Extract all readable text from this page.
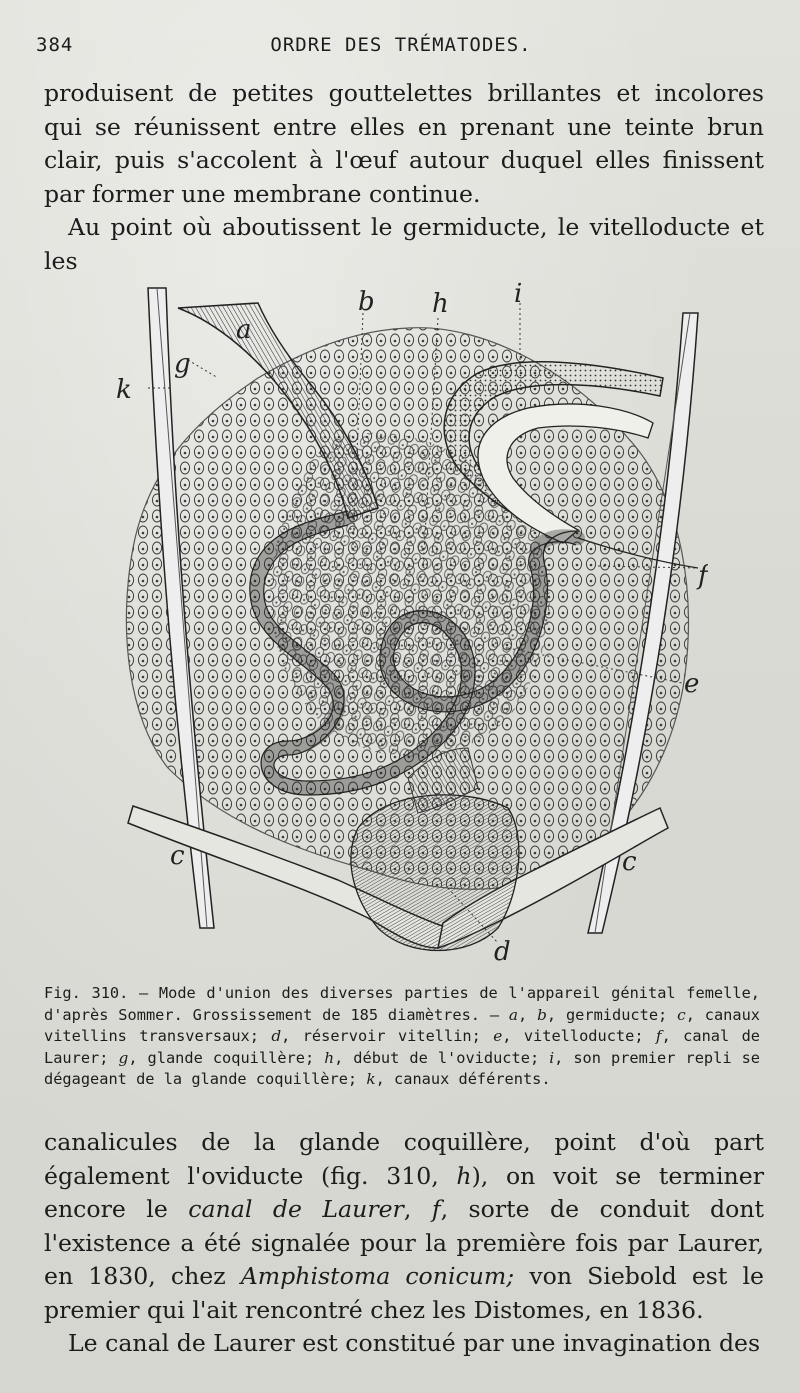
384	ORDRE DES TRÉMATODES.

produisent de petites gouttelettes brillantes et incolores qui se réunissent entre elles en prenant une teinte brun clair, puis s'accolent à l'œuf autour duquel elles finissent par former une membrane continue.

Au point où aboutissent le germiducte, le vitelloducte et les

a
b h	i
g
k
f
e
c	c
d
Fig. 310. — Mode d'union des diverses parties de l'appareil génital femelle, d'après Sommer. Grossissement de 185 diamètres. — a, b, germiducte; c, canaux vitellins transversaux; d, réservoir vitellin; e, vitelloducte; f, canal de Laurer; g, glande coquillère; h, début de l'oviducte; i, son premier repli se dégageant de la glande coquillère; k, canaux déférents.

canalicules de la glande coquillère, point d'où part également l'oviducte (fig. 310, h), on voit se terminer encore le canal de Laurer, f, sorte de conduit dont l'existence a été signalée pour la première fois par Laurer, en 1830, chez Amphistoma conicum; von Siebold est le premier qui l'ait rencontré chez les Distomes, en 1836.

Le canal de Laurer est constitué par une invagination des
